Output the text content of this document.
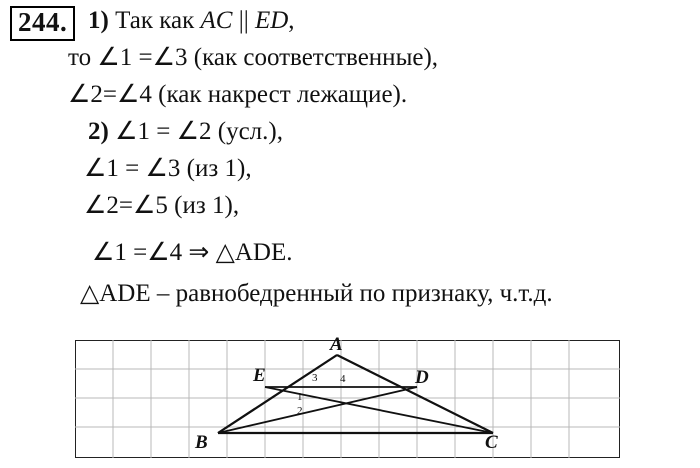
244. 1) Так как AC || ED,
то ∠1 =∠3 (как соответственные),
∠2=∠4 (как накрест лежащие).
2) ∠1 = ∠2 (усл.),
∠1 = ∠3 (из 1),
∠2=∠5 (из 1),
∠1 =∠4 ⇒ △ADE.
△ADE – равнобедренный по признаку, ч.т.д.
A
E	D
B	C
3 4
1
2
